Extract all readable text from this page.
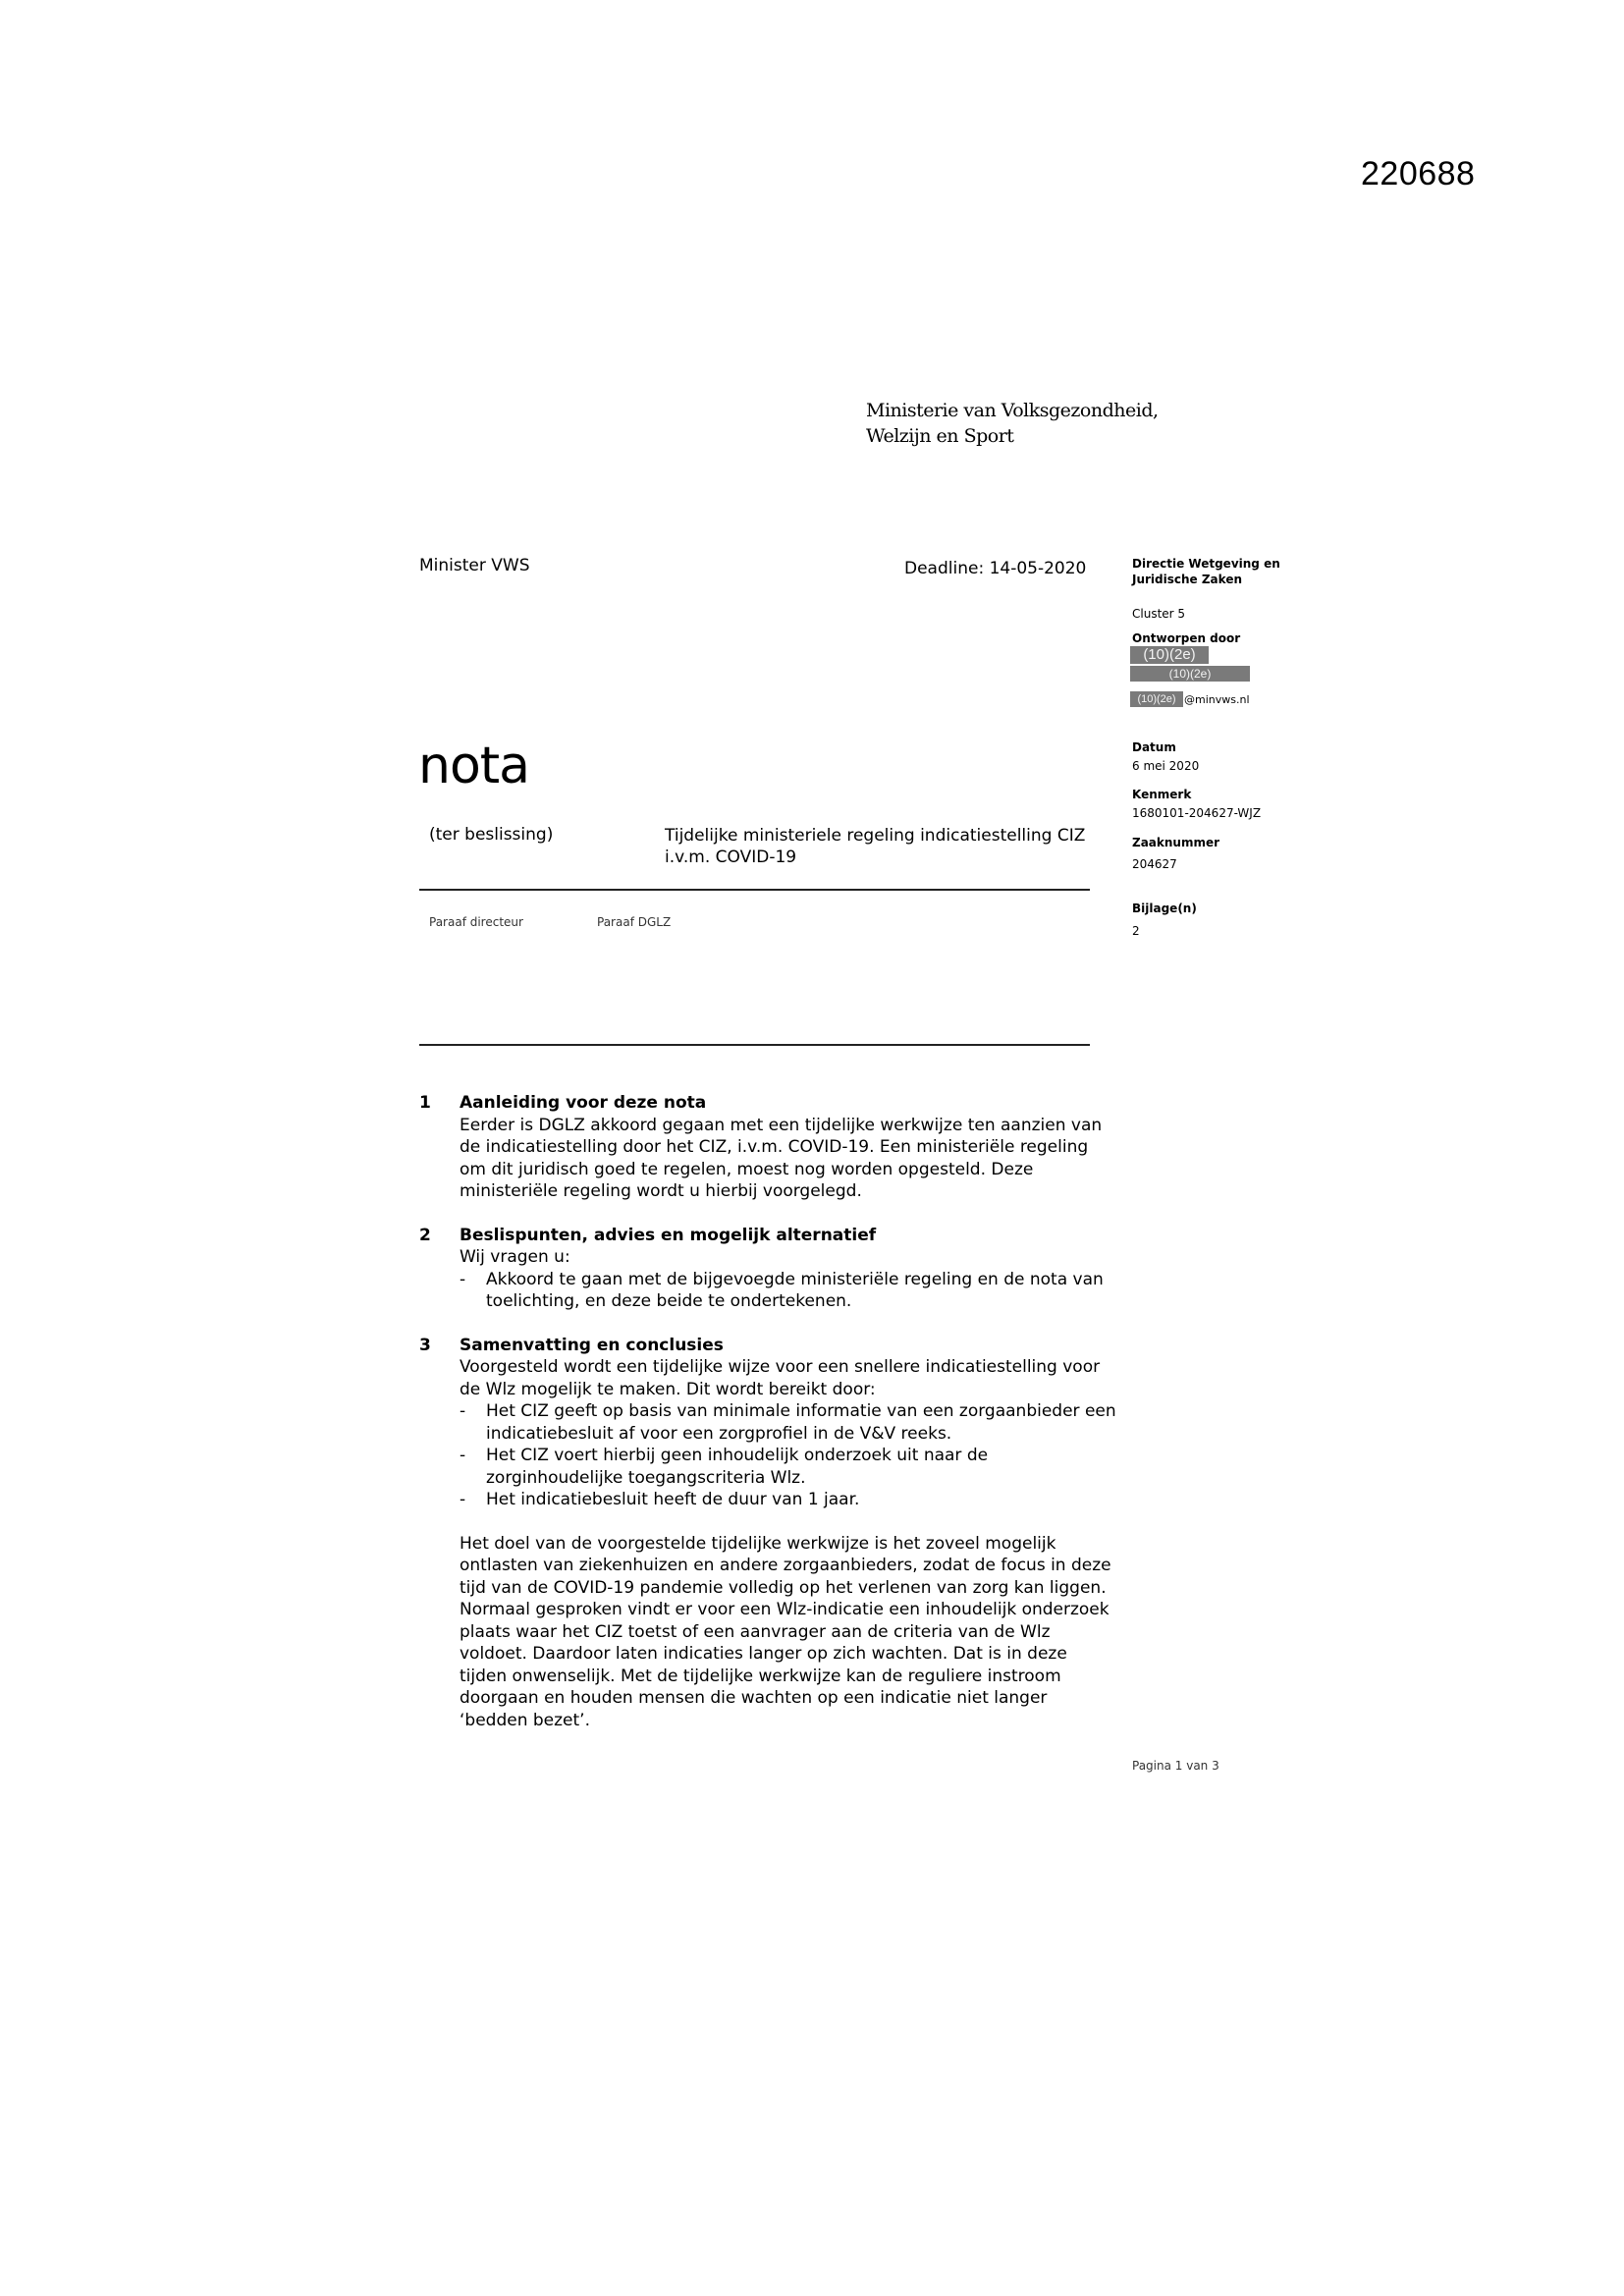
220688
Ministerie van Volksgezondheid,
Welzijn en Sport
Minister VWS	Deadline: 14-05-2020
nota
(ter beslissing)	Tijdelijke ministeriele regeling indicatiestelling CIZ i.v.m. COVID-19
Paraaf directeur	Paraaf DGLZ
Directie Wetgeving en Juridische Zaken
Cluster 5
Ontworpen door
(10)(2e)
(10)(2e)
(10)(2e) @minvws.nl
Datum
6 mei 2020
Kenmerk
1680101-204627-WJZ
Zaaknummer
204627
Bijlage(n)
2
1 Aanleiding voor deze nota

Eerder is DGLZ akkoord gegaan met een tijdelijke werkwijze ten aanzien van de indicatiestelling door het CIZ, i.v.m. COVID-19. Een ministeriële regeling om dit juridisch goed te regelen, moest nog worden opgesteld. Deze ministeriële regeling wordt u hierbij voorgelegd.

2 Beslispunten, advies en mogelijk alternatief

Wij vragen u:

- Akkoord te gaan met de bijgevoegde ministeriële regeling en de nota van toelichting, en deze beide te ondertekenen.
3 Samenvatting en conclusies

Voorgesteld wordt een tijdelijke wijze voor een snellere indicatiestelling voor de Wlz mogelijk te maken. Dit wordt bereikt door:

- Het CIZ geeft op basis van minimale informatie van een zorgaanbieder een indicatiebesluit af voor een zorgprofiel in de V&V reeks.
- Het CIZ voert hierbij geen inhoudelijk onderzoek uit naar de zorginhoudelijke toegangscriteria Wlz.
- Het indicatiebesluit heeft de duur van 1 jaar.

Het doel van de voorgestelde tijdelijke werkwijze is het zoveel mogelijk ontlasten van ziekenhuizen en andere zorgaanbieders, zodat de focus in deze tijd van de COVID-19 pandemie volledig op het verlenen van zorg kan liggen. Normaal gesproken vindt er voor een Wlz-indicatie een inhoudelijk onderzoek plaats waar het CIZ toetst of een aanvrager aan de criteria van de Wlz voldoet. Daardoor laten indicaties langer op zich wachten. Dat is in deze tijden onwenselijk. Met de tijdelijke werkwijze kan de reguliere instroom doorgaan en houden mensen die wachten op een indicatie niet langer ‘bedden bezet’.

Pagina 1 van 3
